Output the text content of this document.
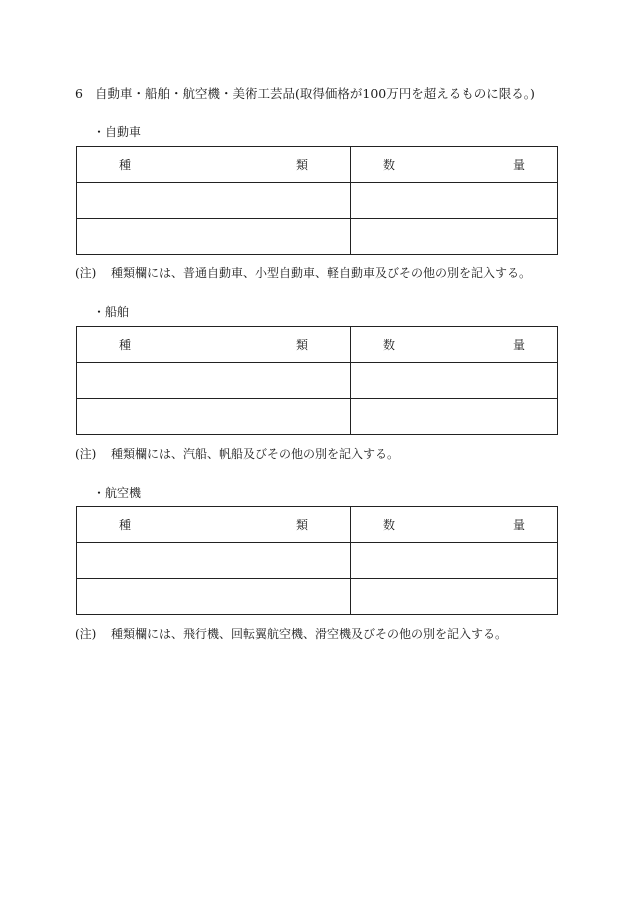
6 自動車・船舶・航空機・美術工芸品(取得価格が100万円を超えるものに限る。)
・自動車
種 類	数 量

(注) 種類欄には、普通自動車、小型自動車、軽自動車及びその他の別を記入する。
・船舶
種 類	数 量

(注) 種類欄には、汽船、帆船及びその他の別を記入する。
・航空機
種 類	数 量

(注) 種類欄には、飛行機、回転翼航空機、滑空機及びその他の別を記入する。
